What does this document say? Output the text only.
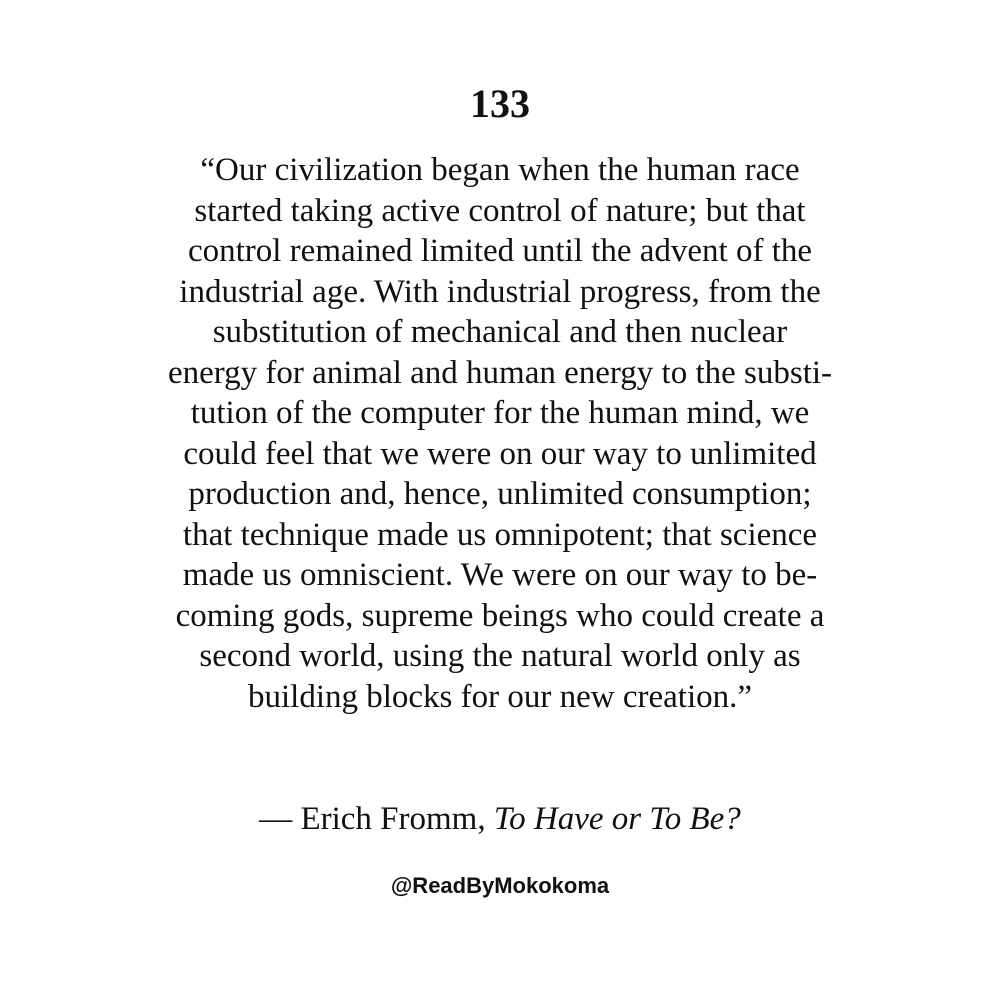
133

“Our civilization began when the human race
started taking active control of nature; but that
control remained limited until the advent of the
industrial age. With industrial progress, from the
substitution of mechanical and then nuclear
energy for animal and human energy to the substi-
tution of the computer for the human mind, we
could feel that we were on our way to unlimited
production and, hence, unlimited consumption;
that technique made us omnipotent; that science
made us omniscient. We were on our way to be-
coming gods, supreme beings who could create a
second world, using the natural world only as
building blocks for our new creation.”

— Erich Fromm, To Have or To Be?
@ReadByMokokoma
